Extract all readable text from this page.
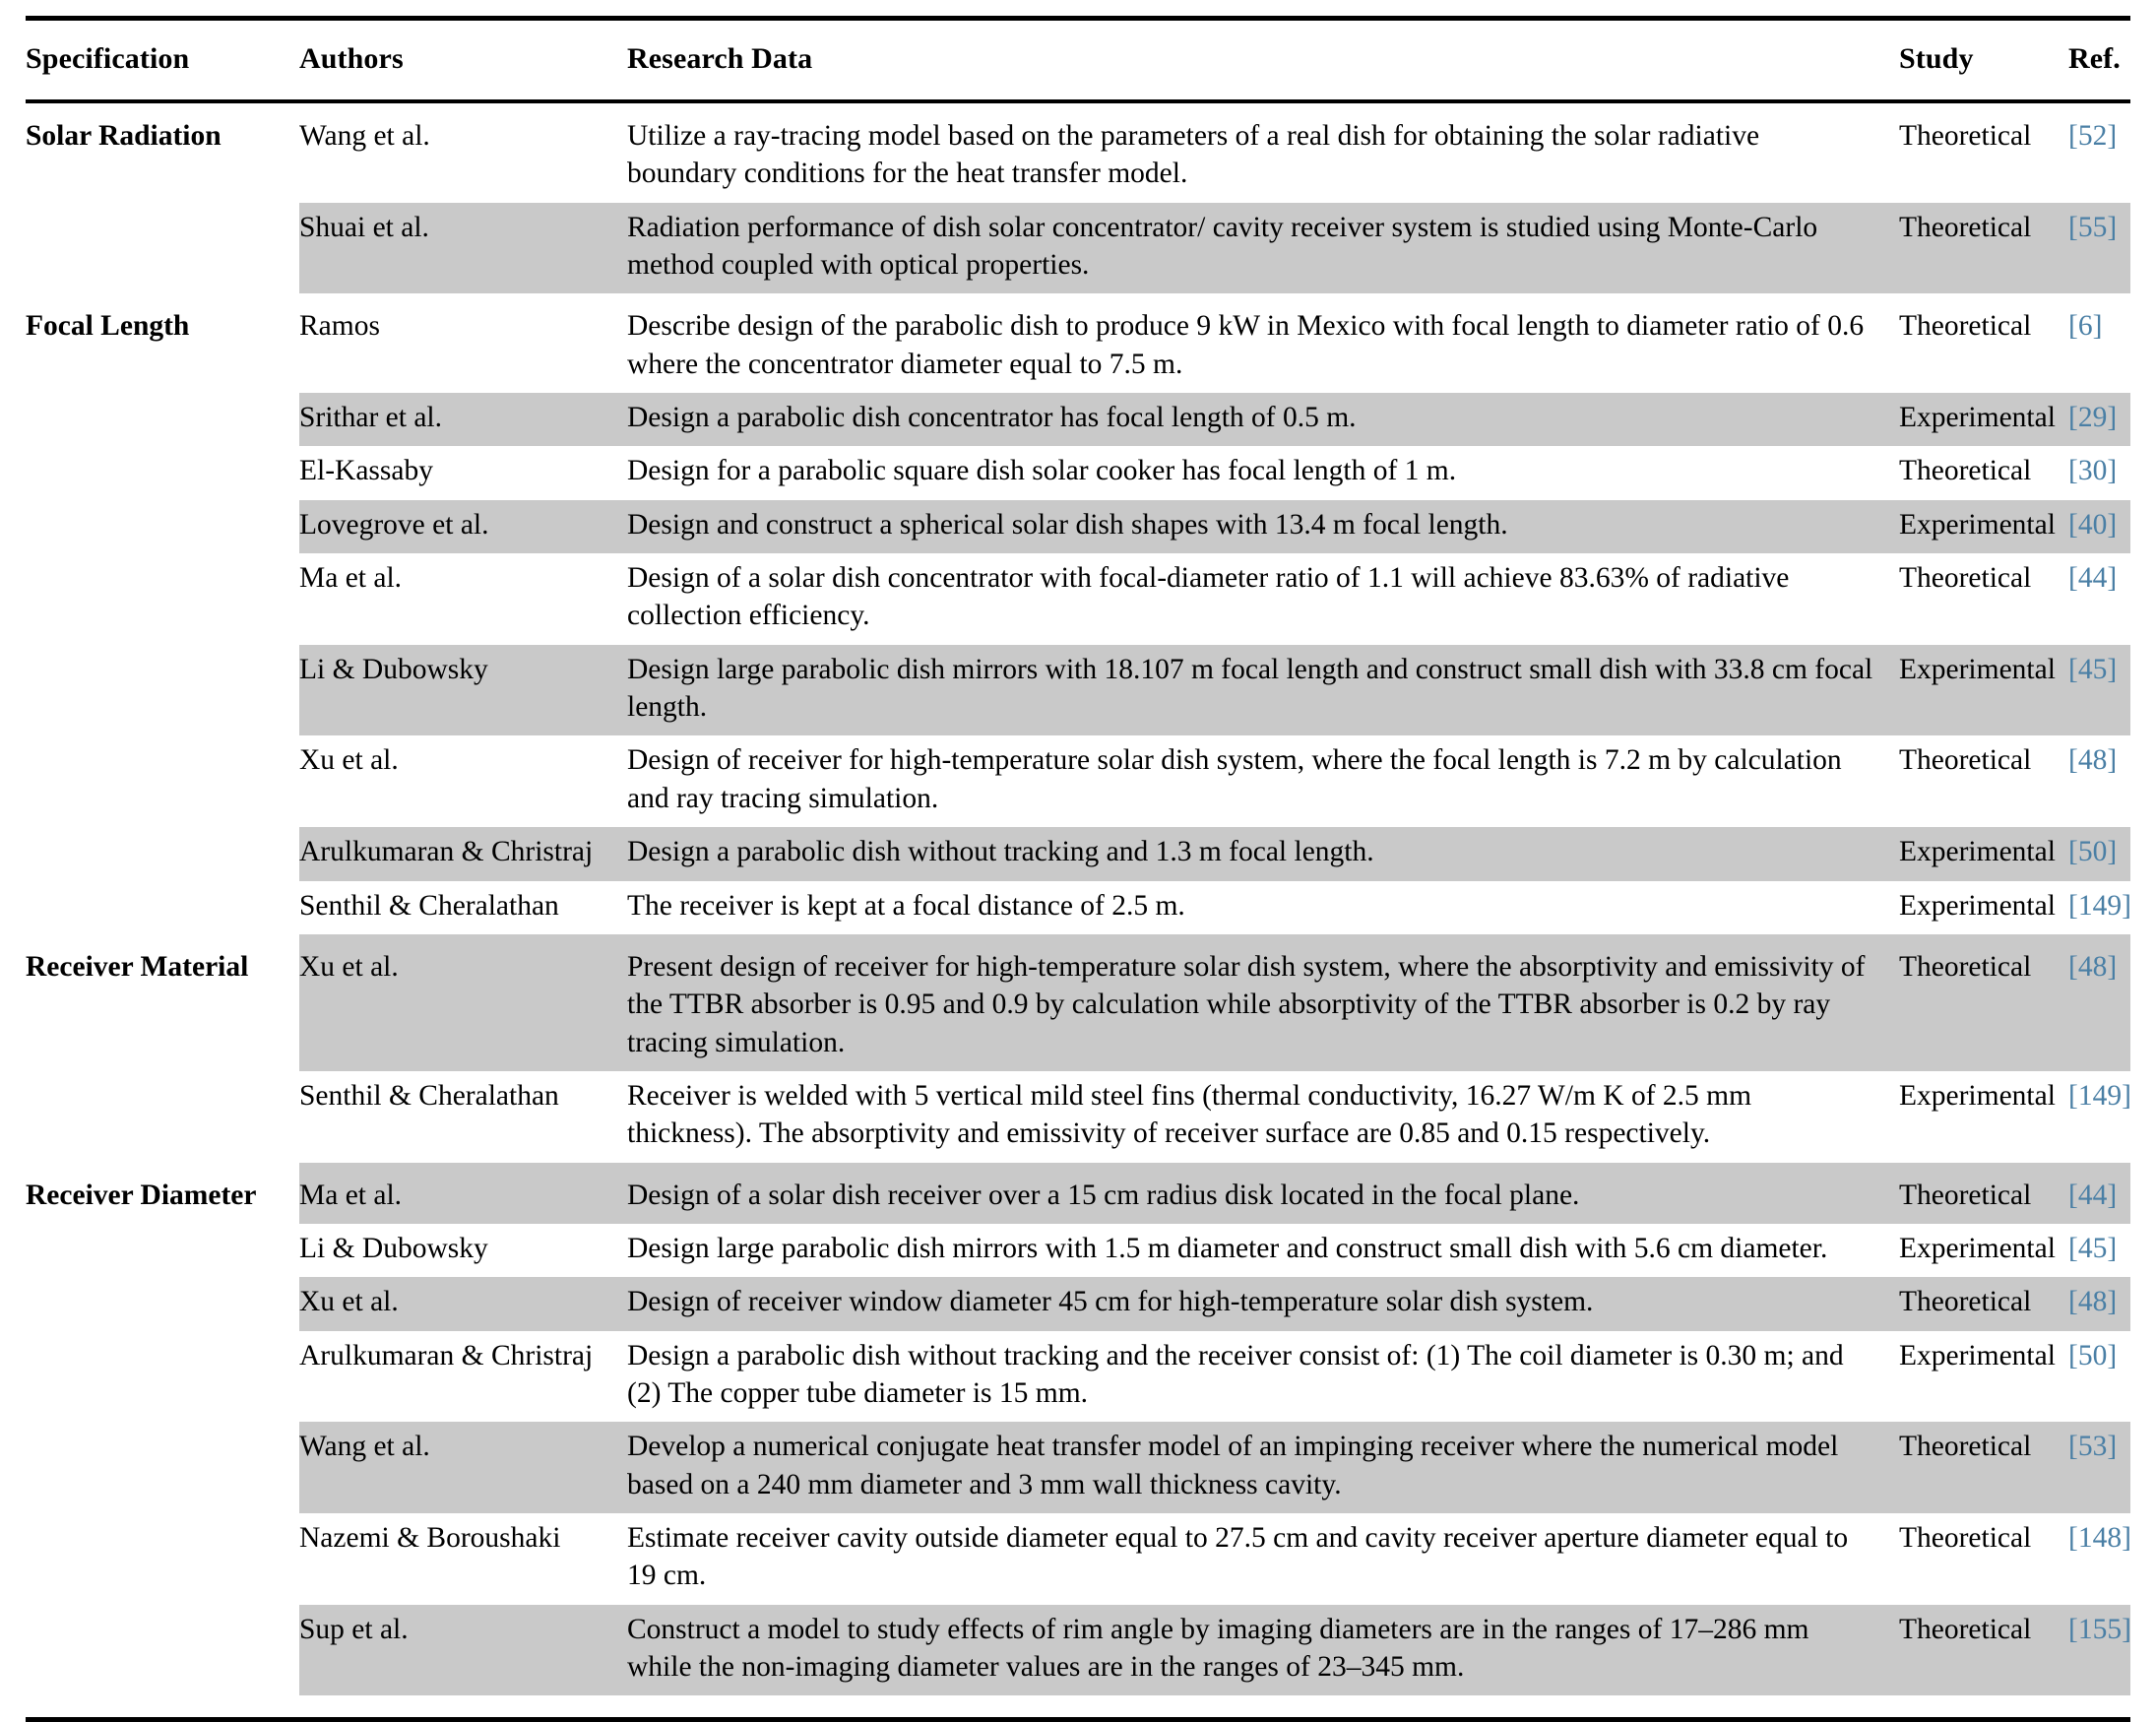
Specification	Authors	Research Data	Study	Ref.
Solar Radiation	Wang et al.	Utilize a ray-tracing model based on the parameters of a real dish for obtaining the solar radiative boundary conditions for the heat transfer model.	Theoretical	[52]
	Shuai et al.	Radiation performance of dish solar concentrator/ cavity receiver system is studied using Monte-Carlo method coupled with optical properties.	Theoretical	[55]
Focal Length	Ramos	Describe design of the parabolic dish to produce 9 kW in Mexico with focal length to diameter ratio of 0.6 where the concentrator diameter equal to 7.5 m.	Theoretical	[6]
	Srithar et al.	Design a parabolic dish concentrator has focal length of 0.5 m.	Experimental	[29]
	El-Kassaby	Design for a parabolic square dish solar cooker has focal length of 1 m.	Theoretical	[30]
	Lovegrove et al.	Design and construct a spherical solar dish shapes with 13.4 m focal length.	Experimental	[40]
	Ma et al.	Design of a solar dish concentrator with focal-diameter ratio of 1.1 will achieve 83.63% of radiative collection efficiency.	Theoretical	[44]
	Li & Dubowsky	Design large parabolic dish mirrors with 18.107 m focal length and construct small dish with 33.8 cm focal length.	Experimental	[45]
	Xu et al.	Design of receiver for high-temperature solar dish system, where the focal length is 7.2 m by calculation and ray tracing simulation.	Theoretical	[48]
	Arulkumaran & Christraj	Design a parabolic dish without tracking and 1.3 m focal length.	Experimental	[50]
	Senthil & Cheralathan	The receiver is kept at a focal distance of 2.5 m.	Experimental	[149]
Receiver Material	Xu et al.	Present design of receiver for high-temperature solar dish system, where the absorptivity and emissivity of the TTBR absorber is 0.95 and 0.9 by calculation while absorptivity of the TTBR absorber is 0.2 by ray tracing simulation.	Theoretical	[48]
	Senthil & Cheralathan	Receiver is welded with 5 vertical mild steel fins (thermal conductivity, 16.27 W/m K of 2.5 mm thickness). The absorptivity and emissivity of receiver surface are 0.85 and 0.15 respectively.	Experimental	[149]
Receiver Diameter	Ma et al.	Design of a solar dish receiver over a 15 cm radius disk located in the focal plane.	Theoretical	[44]
	Li & Dubowsky	Design large parabolic dish mirrors with 1.5 m diameter and construct small dish with 5.6 cm diameter.	Experimental	[45]
	Xu et al.	Design of receiver window diameter 45 cm for high-temperature solar dish system.	Theoretical	[48]
	Arulkumaran & Christraj	Design a parabolic dish without tracking and the receiver consist of: (1) The coil diameter is 0.30 m; and (2) The copper tube diameter is 15 mm.	Experimental	[50]
	Wang et al.	Develop a numerical conjugate heat transfer model of an impinging receiver where the numerical model based on a 240 mm diameter and 3 mm wall thickness cavity.	Theoretical	[53]
	Nazemi & Boroushaki	Estimate receiver cavity outside diameter equal to 27.5 cm and cavity receiver aperture diameter equal to 19 cm.	Theoretical	[148]
	Sup et al.	Construct a model to study effects of rim angle by imaging diameters are in the ranges of 17–286 mm while the non-imaging diameter values are in the ranges of 23–345 mm.	Theoretical	[155]
